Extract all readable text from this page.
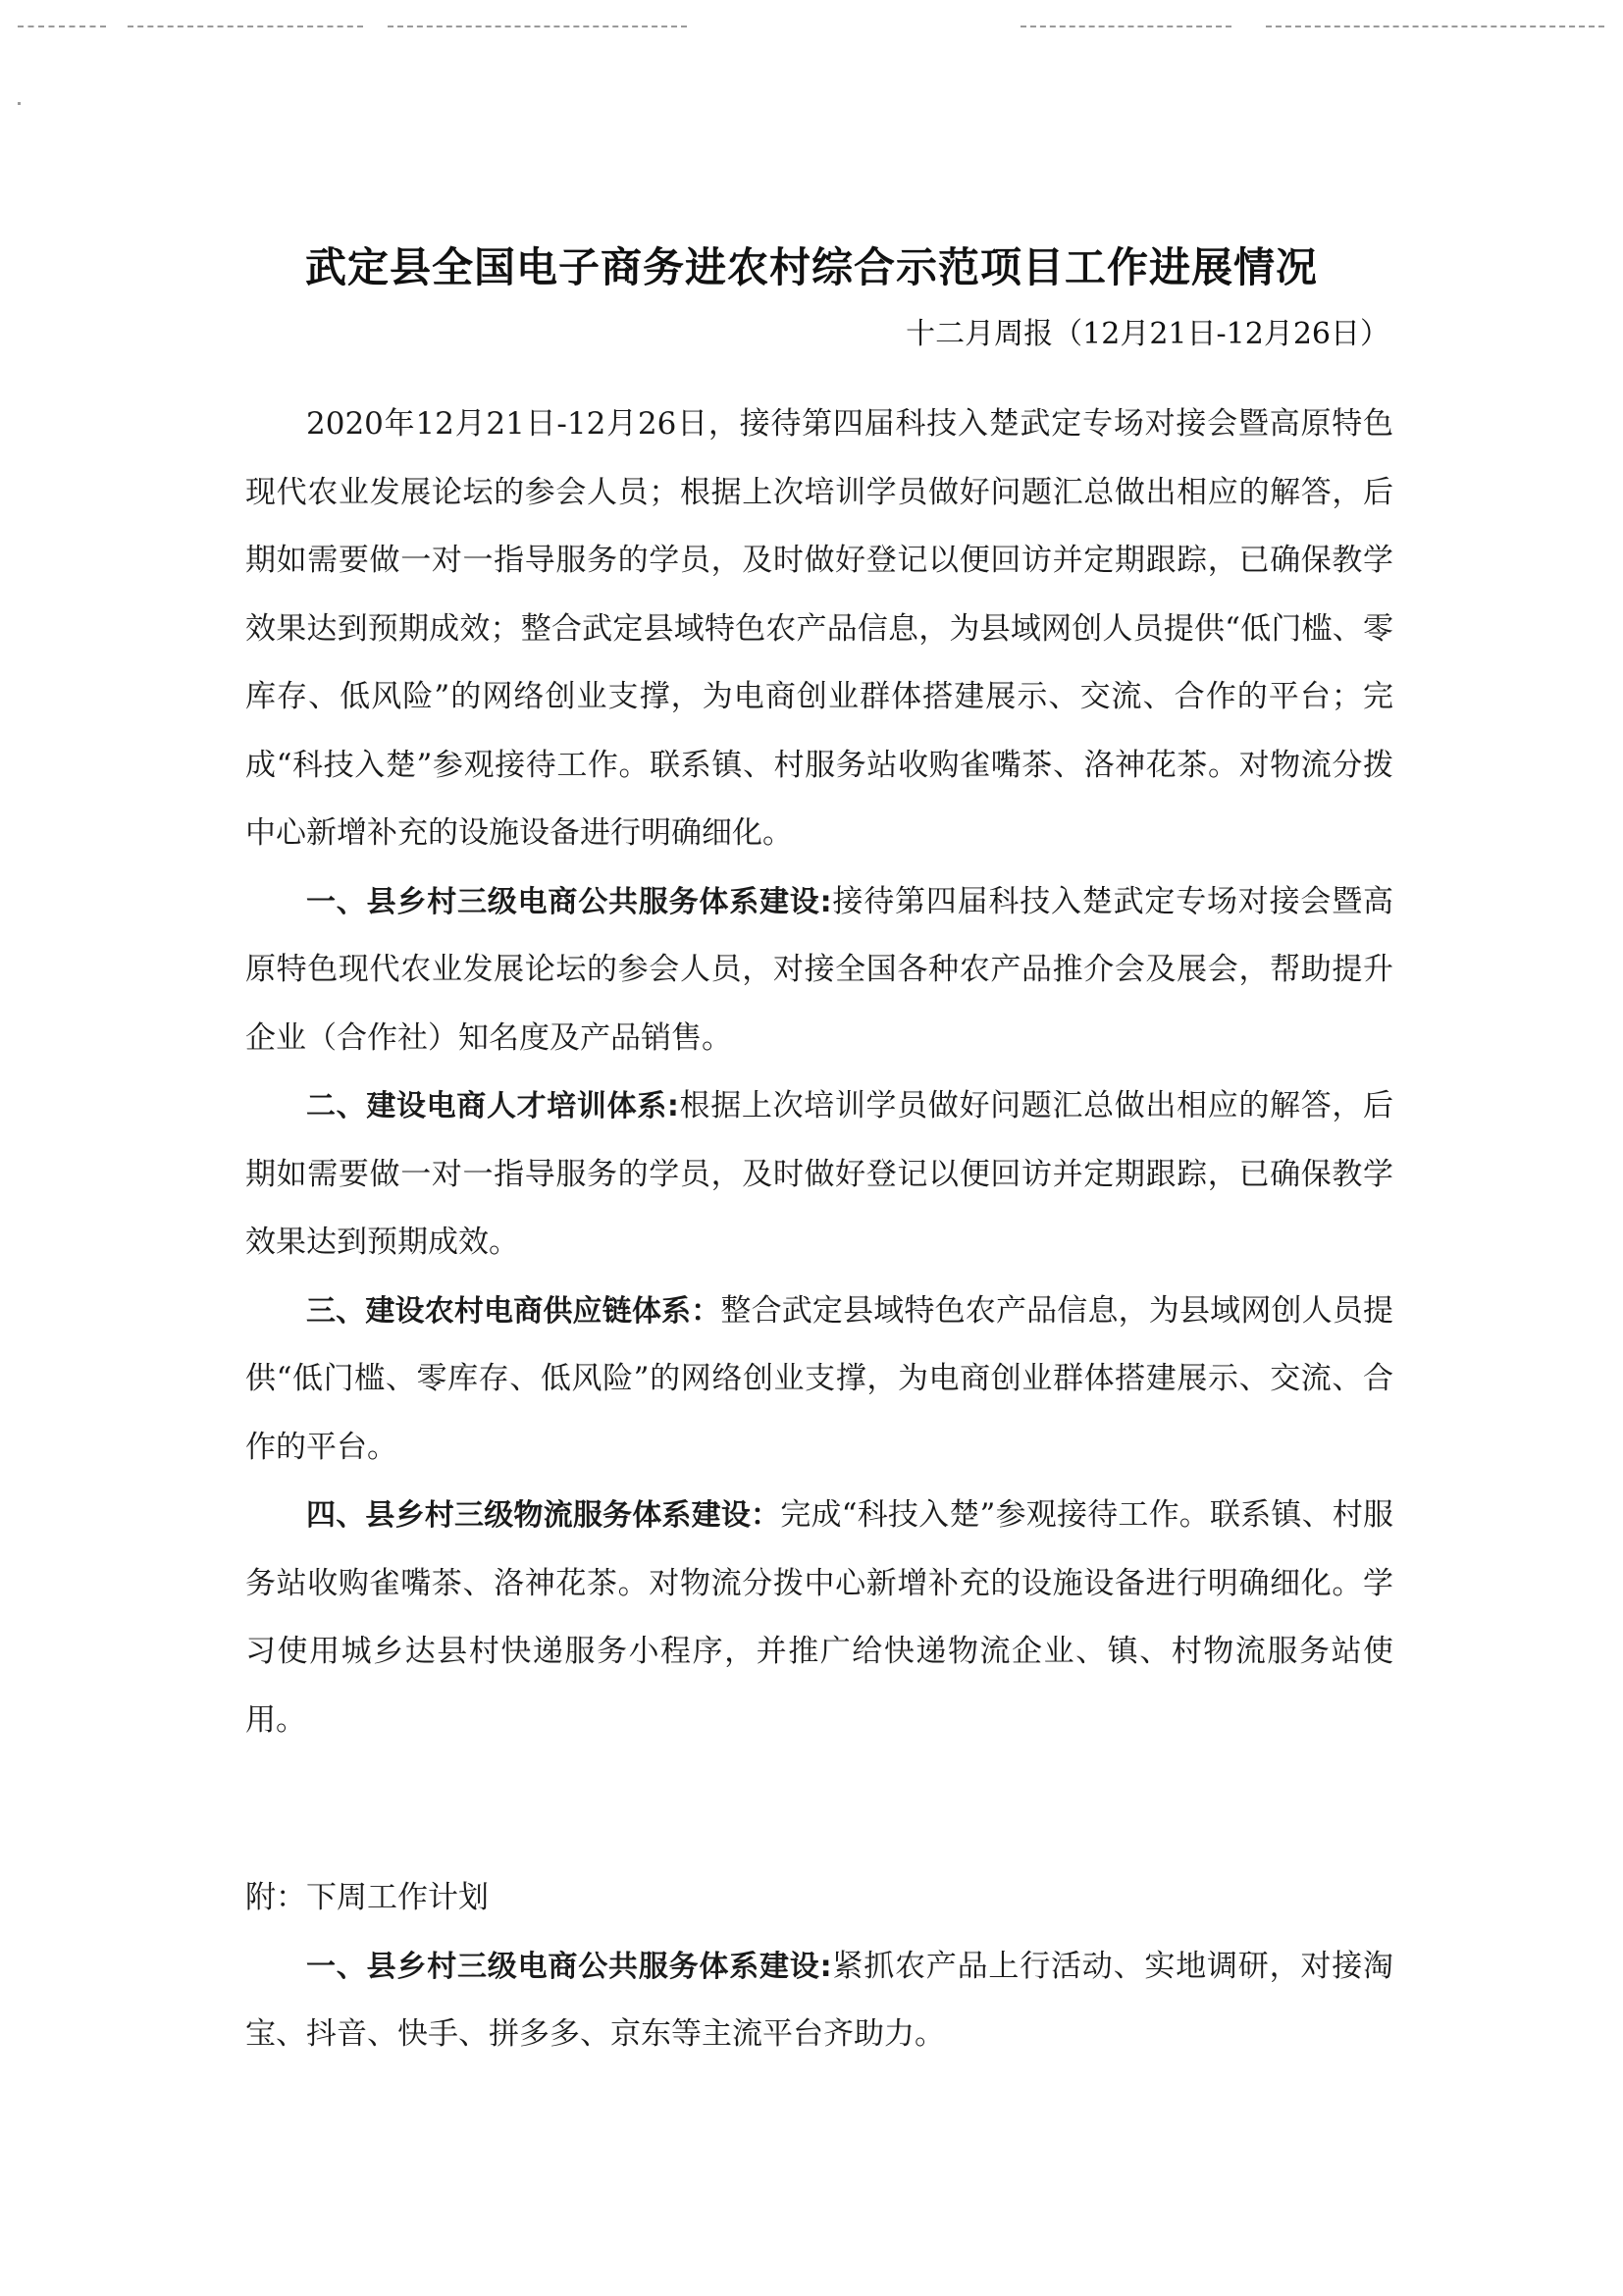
武定县全国电子商务进农村综合示范项目工作进展情况

十二月周报（12月21日-12月26日）

2020年12月21日-12月26日，接待第四届科技入楚武定专场对接会暨高原特色现代农业发展论坛的参会人员；根据上次培训学员做好问题汇总做出相应的解答，后期如需要做一对一指导服务的学员，及时做好登记以便回访并定期跟踪，已确保教学效果达到预期成效；整合武定县域特色农产品信息，为县域网创人员提供“低门槛、零库存、低风险”的网络创业支撑，为电商创业群体搭建展示、交流、合作的平台；完成“科技入楚”参观接待工作。联系镇、村服务站收购雀嘴茶、洛神花茶。对物流分拨中心新增补充的设施设备进行明确细化。

一、县乡村三级电商公共服务体系建设:接待第四届科技入楚武定专场对接会暨高原特色现代农业发展论坛的参会人员，对接全国各种农产品推介会及展会，帮助提升企业（合作社）知名度及产品销售。

二、建设电商人才培训体系:根据上次培训学员做好问题汇总做出相应的解答，后期如需要做一对一指导服务的学员，及时做好登记以便回访并定期跟踪，已确保教学效果达到预期成效。

三、建设农村电商供应链体系：整合武定县域特色农产品信息，为县域网创人员提供“低门槛、零库存、低风险”的网络创业支撑，为电商创业群体搭建展示、交流、合作的平台。

四、县乡村三级物流服务体系建设：完成“科技入楚”参观接待工作。联系镇、村服务站收购雀嘴茶、洛神花茶。对物流分拨中心新增补充的设施设备进行明确细化。学习使用城乡达县村快递服务小程序，并推广给快递物流企业、镇、村物流服务站使用。

附：下周工作计划

一、县乡村三级电商公共服务体系建设:紧抓农产品上行活动、实地调研，对接淘宝、抖音、快手、拼多多、京东等主流平台齐助力。
